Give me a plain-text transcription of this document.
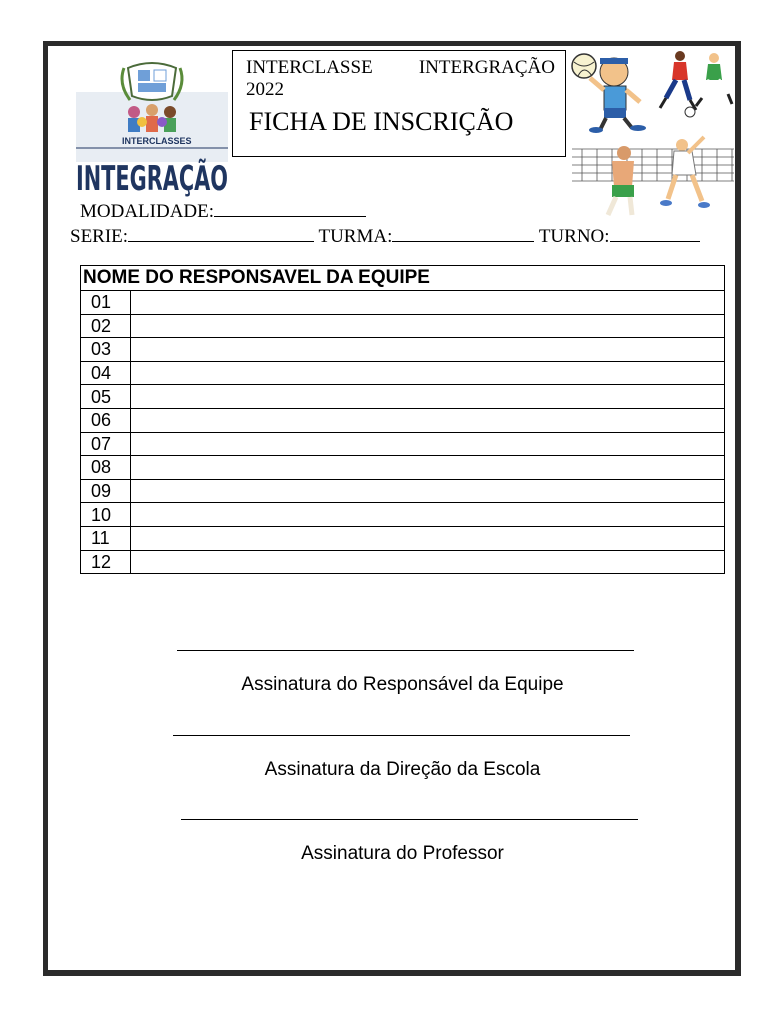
INTERCLASSES
INTEGRAÇÃO
INTERCLASSE INTERGRAÇÃO
2022
FICHA DE INSCRIÇÃO
MODALIDADE:
SERIE:	TURMA:	TURNO:
NOME DO RESPONSAVEL DA EQUIPE	
01	
02	
03	
04	
05	
06	
07	
08	
09	
10	
11	
12	
Assinatura do Responsável da Equipe
Assinatura da Direção da Escola
Assinatura do Professor
